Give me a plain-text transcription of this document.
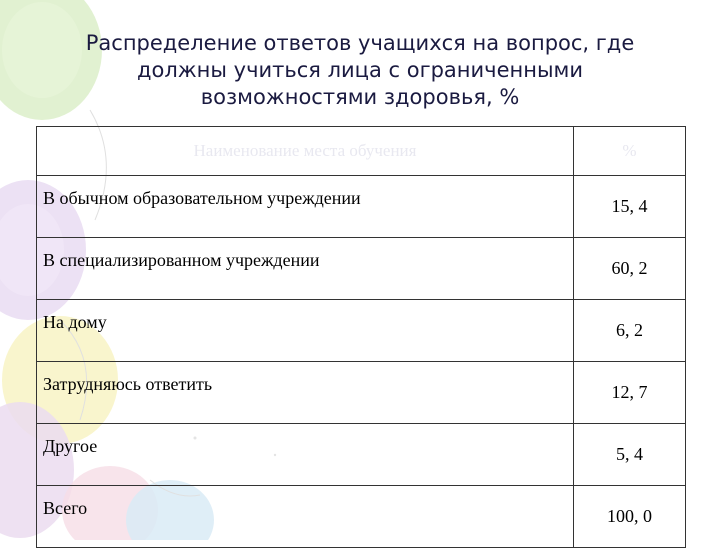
Распределение ответов учащихся на вопрос, где
должны учиться лица с ограниченными
возможностями здоровья, %
Наименование места обучения	%
В обычном образовательном учреждении	15, 4
В специализированном учреждении	60, 2
На дому	6, 2
Затрудняюсь ответить	12, 7
Другое	5, 4
Всего	100, 0
